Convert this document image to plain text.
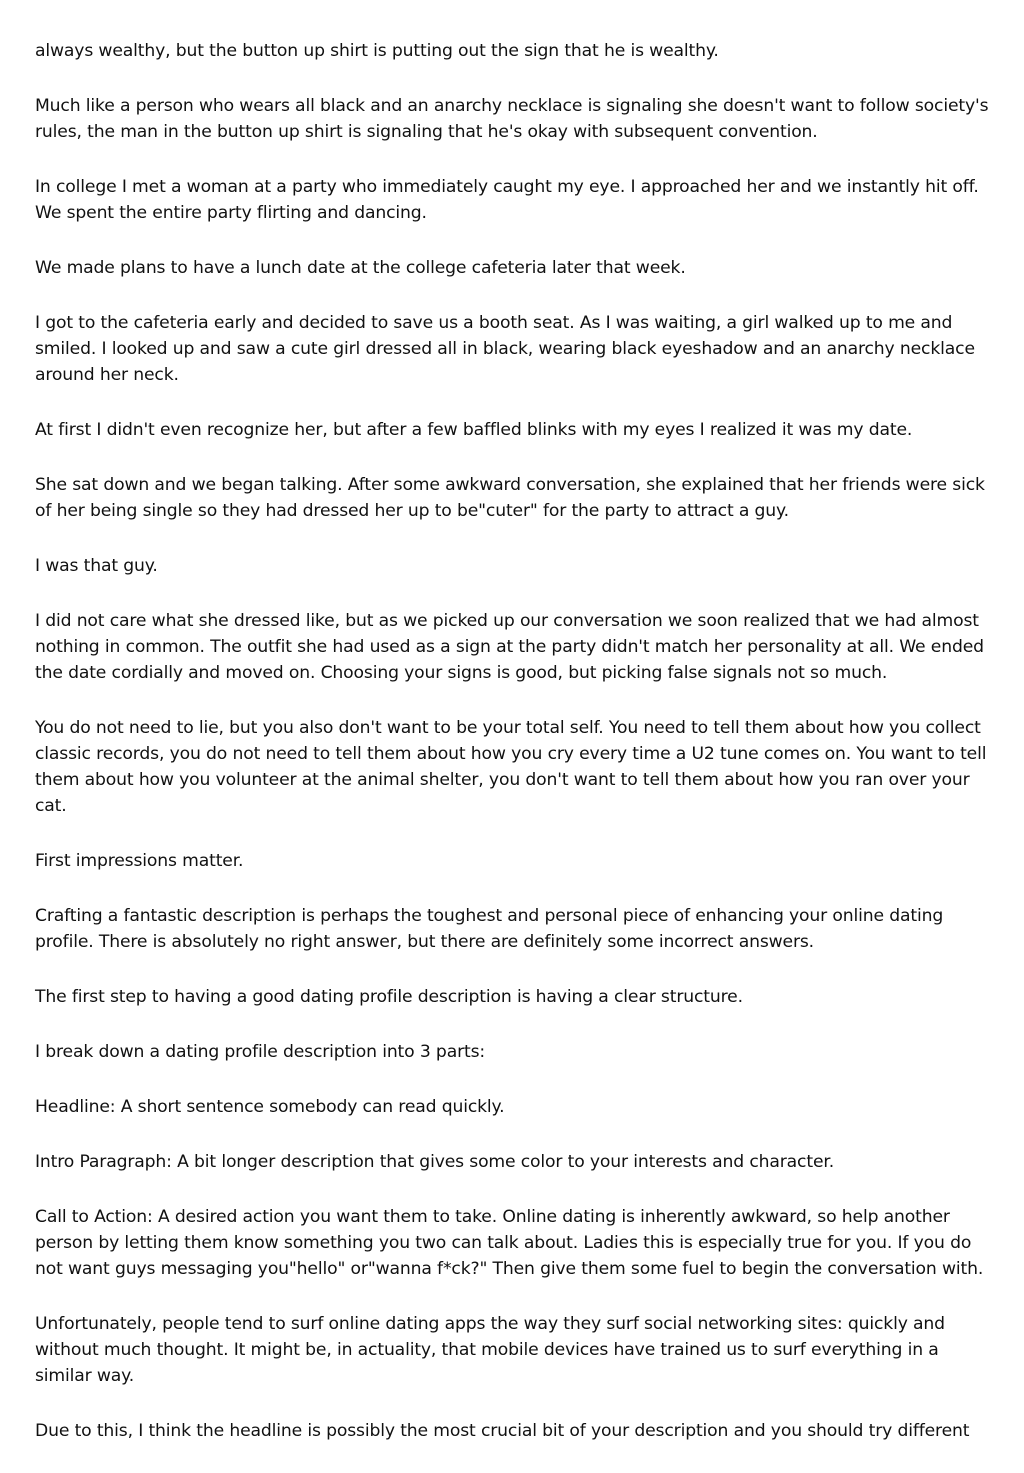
always wealthy, but the button up shirt is putting out the sign that he is wealthy.

Much like a person who wears all black and an anarchy necklace is signaling she doesn't want to follow society's rules, the man in the button up shirt is signaling that he's okay with subsequent convention.

In college I met a woman at a party who immediately caught my eye. I approached her and we instantly hit off. We spent the entire party flirting and dancing.

We made plans to have a lunch date at the college cafeteria later that week.

I got to the cafeteria early and decided to save us a booth seat. As I was waiting, a girl walked up to me and smiled. I looked up and saw a cute girl dressed all in black, wearing black eyeshadow and an anarchy necklace around her neck.

At first I didn't even recognize her, but after a few baffled blinks with my eyes I realized it was my date.

She sat down and we began talking. After some awkward conversation, she explained that her friends were sick of her being single so they had dressed her up to be"cuter" for the party to attract a guy.

I was that guy.

I did not care what she dressed like, but as we picked up our conversation we soon realized that we had almost nothing in common. The outfit she had used as a sign at the party didn't match her personality at all. We ended the date cordially and moved on. Choosing your signs is good, but picking false signals not so much.

You do not need to lie, but you also don't want to be your total self. You need to tell them about how you collect classic records, you do not need to tell them about how you cry every time a U2 tune comes on. You want to tell them about how you volunteer at the animal shelter, you don't want to tell them about how you ran over your cat.

First impressions matter.

Crafting a fantastic description is perhaps the toughest and personal piece of enhancing your online dating profile. There is absolutely no right answer, but there are definitely some incorrect answers.

The first step to having a good dating profile description is having a clear structure.

I break down a dating profile description into 3 parts:

Headline: A short sentence somebody can read quickly.

Intro Paragraph: A bit longer description that gives some color to your interests and character.

Call to Action: A desired action you want them to take. Online dating is inherently awkward, so help another person by letting them know something you two can talk about. Ladies this is especially true for you. If you do not want guys messaging you"hello" or"wanna f*ck?" Then give them some fuel to begin the conversation with.

Unfortunately, people tend to surf online dating apps the way they surf social networking sites: quickly and without much thought. It might be, in actuality, that mobile devices have trained us to surf everything in a similar way.

Due to this, I think the headline is possibly the most crucial bit of your description and you should try different
